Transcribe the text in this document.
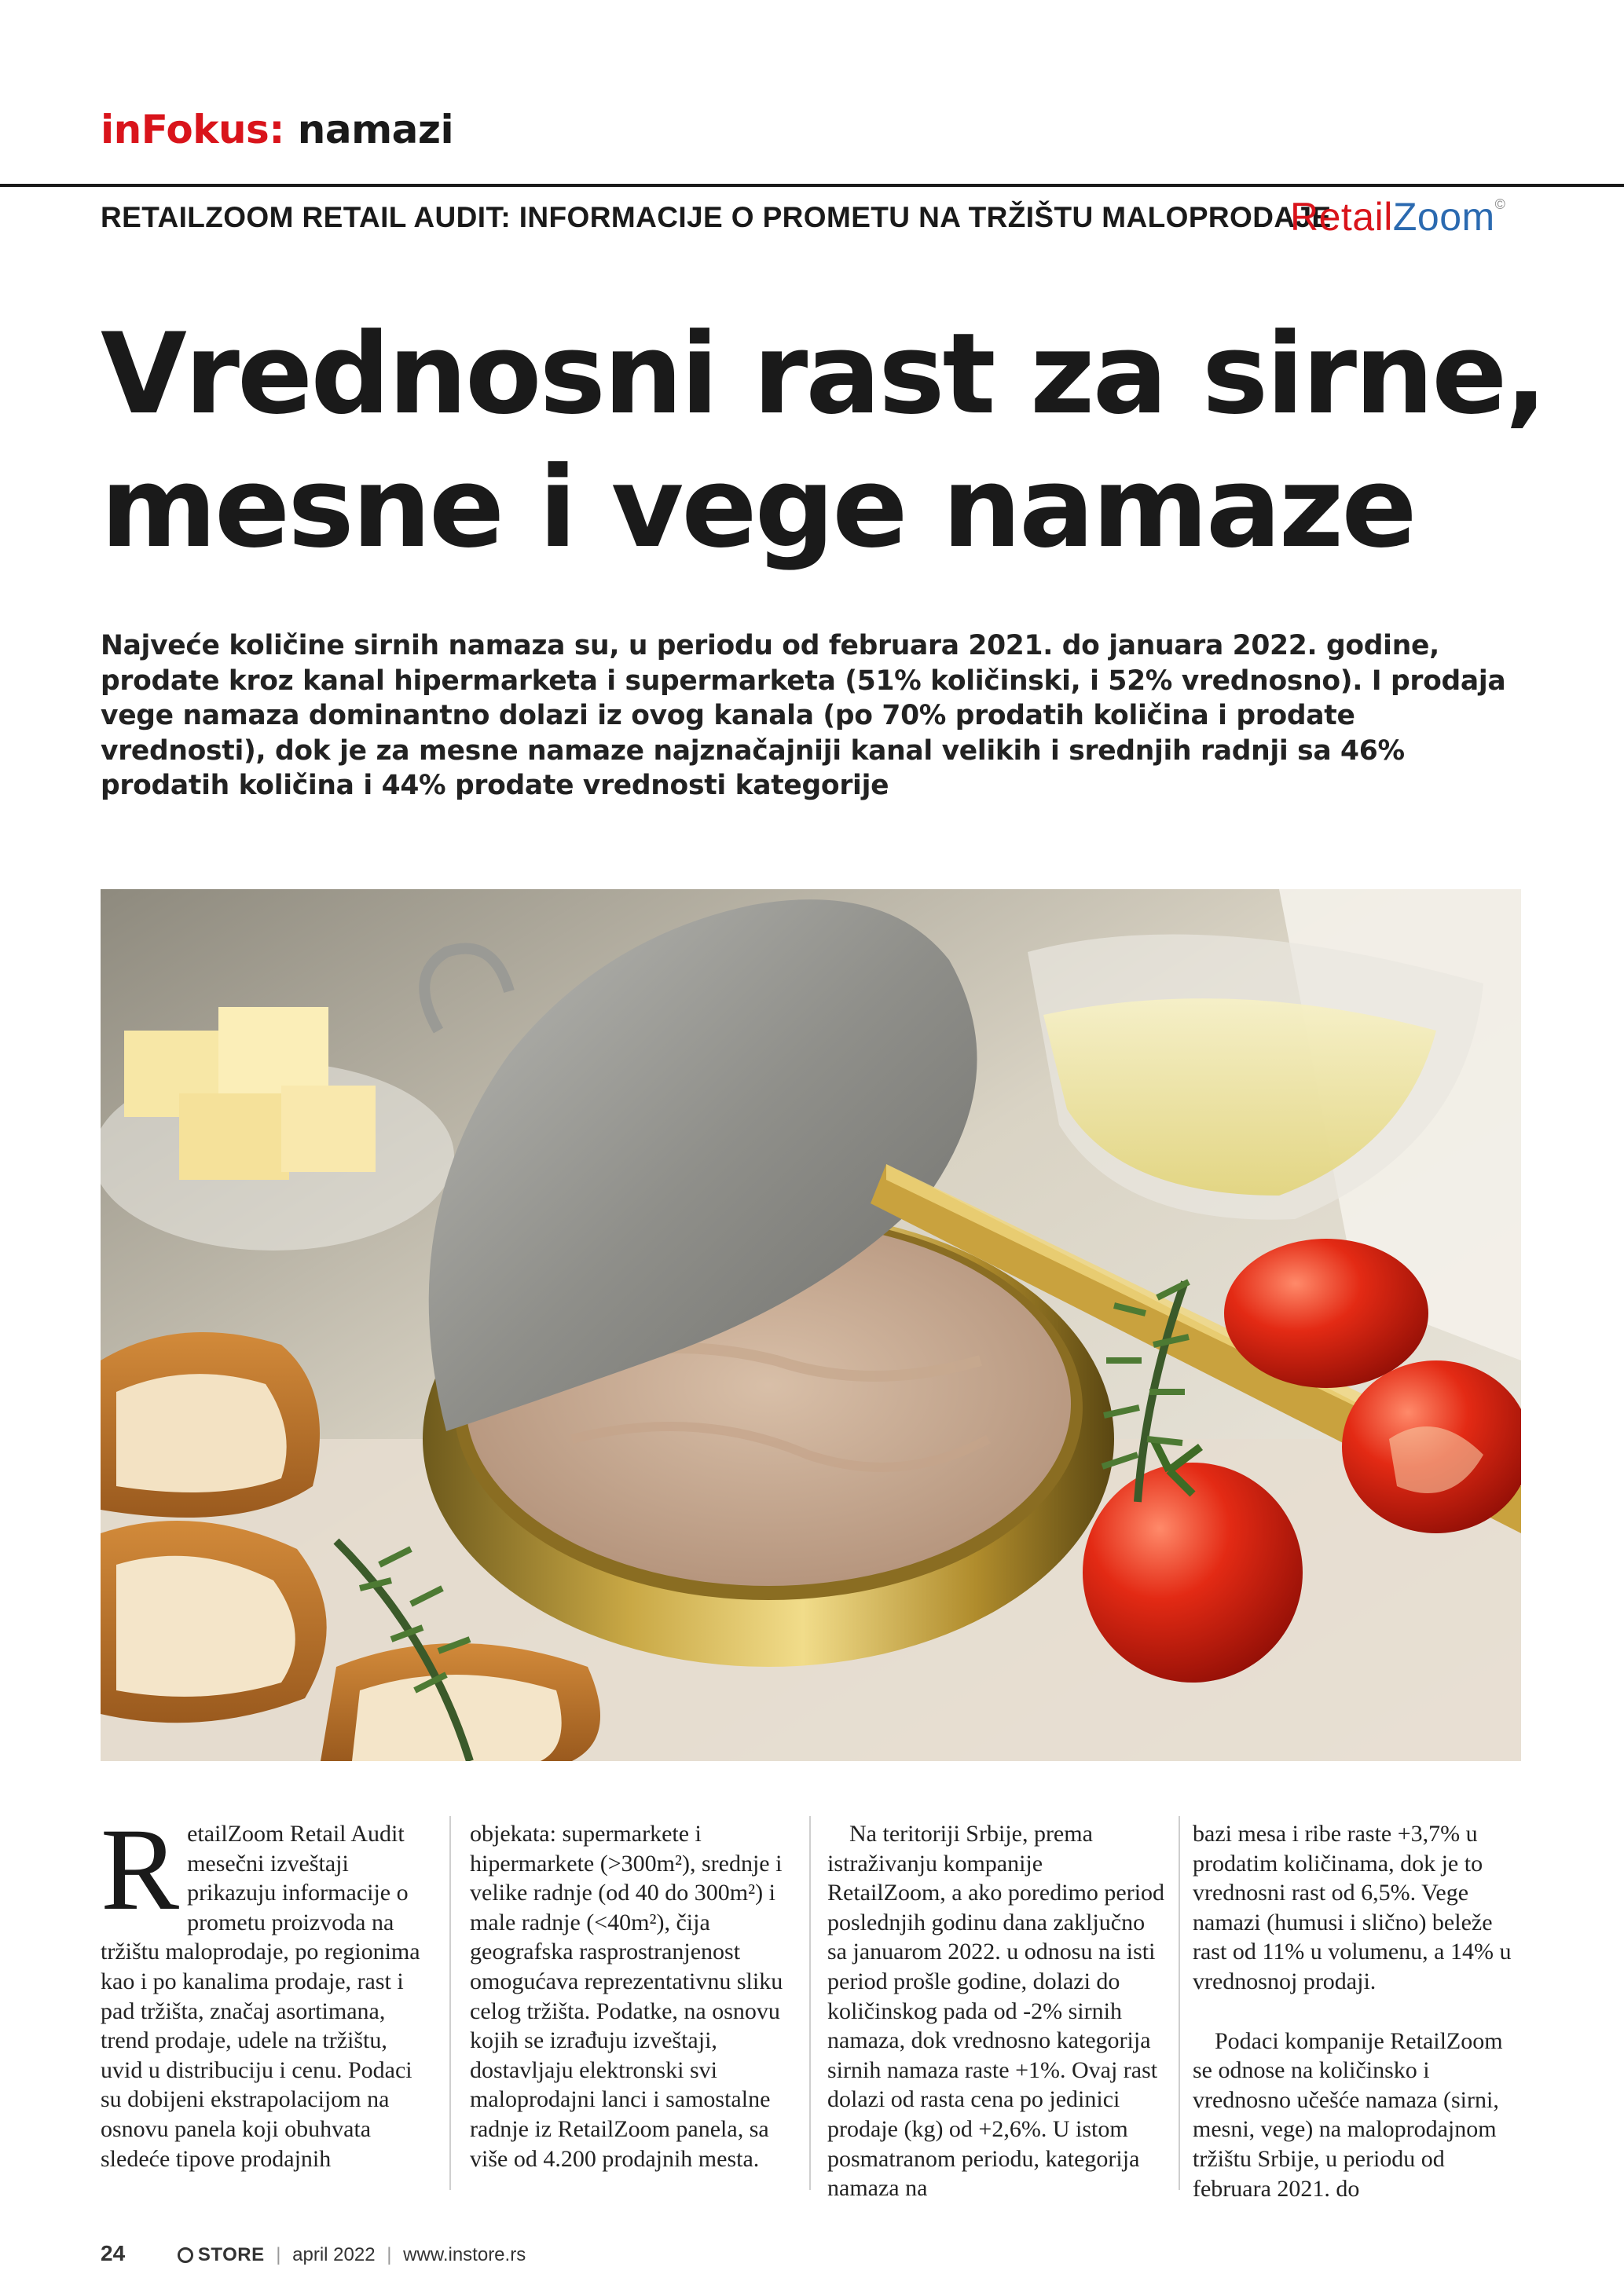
inFokus: namazi
RETAILZOOM RETAIL AUDIT: INFORMACIJE O PROMETU NA TRŽIŠTU MALOPRODAJE
RetailZoom©
Vrednosni rast za sirne,
mesne i vege namaze
Najveće količine sirnih namaza su, u periodu od februara 2021. do januara 2022. godine, prodate kroz kanal hipermarketa i supermarketa (51% količinski, i 52% vrednosno). I prodaja vege namaza dominantno dolazi iz ovog kanala (po 70% prodatih količina i prodate vrednosti), dok je za mesne namaze najznačajniji kanal velikih i srednjih radnji sa 46% prodatih količina i 44% prodate vrednosti kategorije
R etailZoom Retail Audit mesečni izveštaji prikazuju informacije o prometu proizvoda na tržištu maloprodaje, po regionima kao i po kanalima prodaje, rast i pad tržišta, značaj asortimana, trend prodaje, udele na tržištu, uvid u distribuciju i cenu. Podaci su dobijeni ekstrapolacijom na osnovu panela koji obuhvata sledeće tipove prodajnih

objekata: supermarkete i hipermarkete (>300m²), srednje i velike radnje (od 40 do 300m²) i male radnje (<40m²), čija geografska rasprostranjenost omogućava reprezentativnu sliku celog tržišta. Podatke, na osnovu kojih se izrađuju izveštaji, dostavljaju elektronski svi maloprodajni lanci i samostalne radnje iz RetailZoom panela, sa više od 4.200 prodajnih mesta.

Na teritoriji Srbije, prema istraživanju kompanije RetailZoom, a ako poredimo period poslednjih godinu dana zaključno sa januarom 2022. u odnosu na isti period prošle godine, dolazi do količinskog pada od -2% sirnih namaza, dok vrednosno kategorija sirnih namaza raste +1%. Ovaj rast dolazi od rasta cena po jedinici prodaje (kg) od +2,6%. U istom posmatranom periodu, kategorija namaza na

bazi mesa i ribe raste +3,7% u prodatim količinama, dok je to vrednosni rast od 6,5%. Vege namazi (humusi i slično) beleže rast od 11% u volumenu, a 14% u vrednosnoj prodaji.

Podaci kompanije RetailZoom se odnose na količinsko i vrednosno učešće namaza (sirni, mesni, vege) na maloprodajnom tržištu Srbije, u periodu od februara 2021. do

24	STORE | april 2022 | www.instore.rs
